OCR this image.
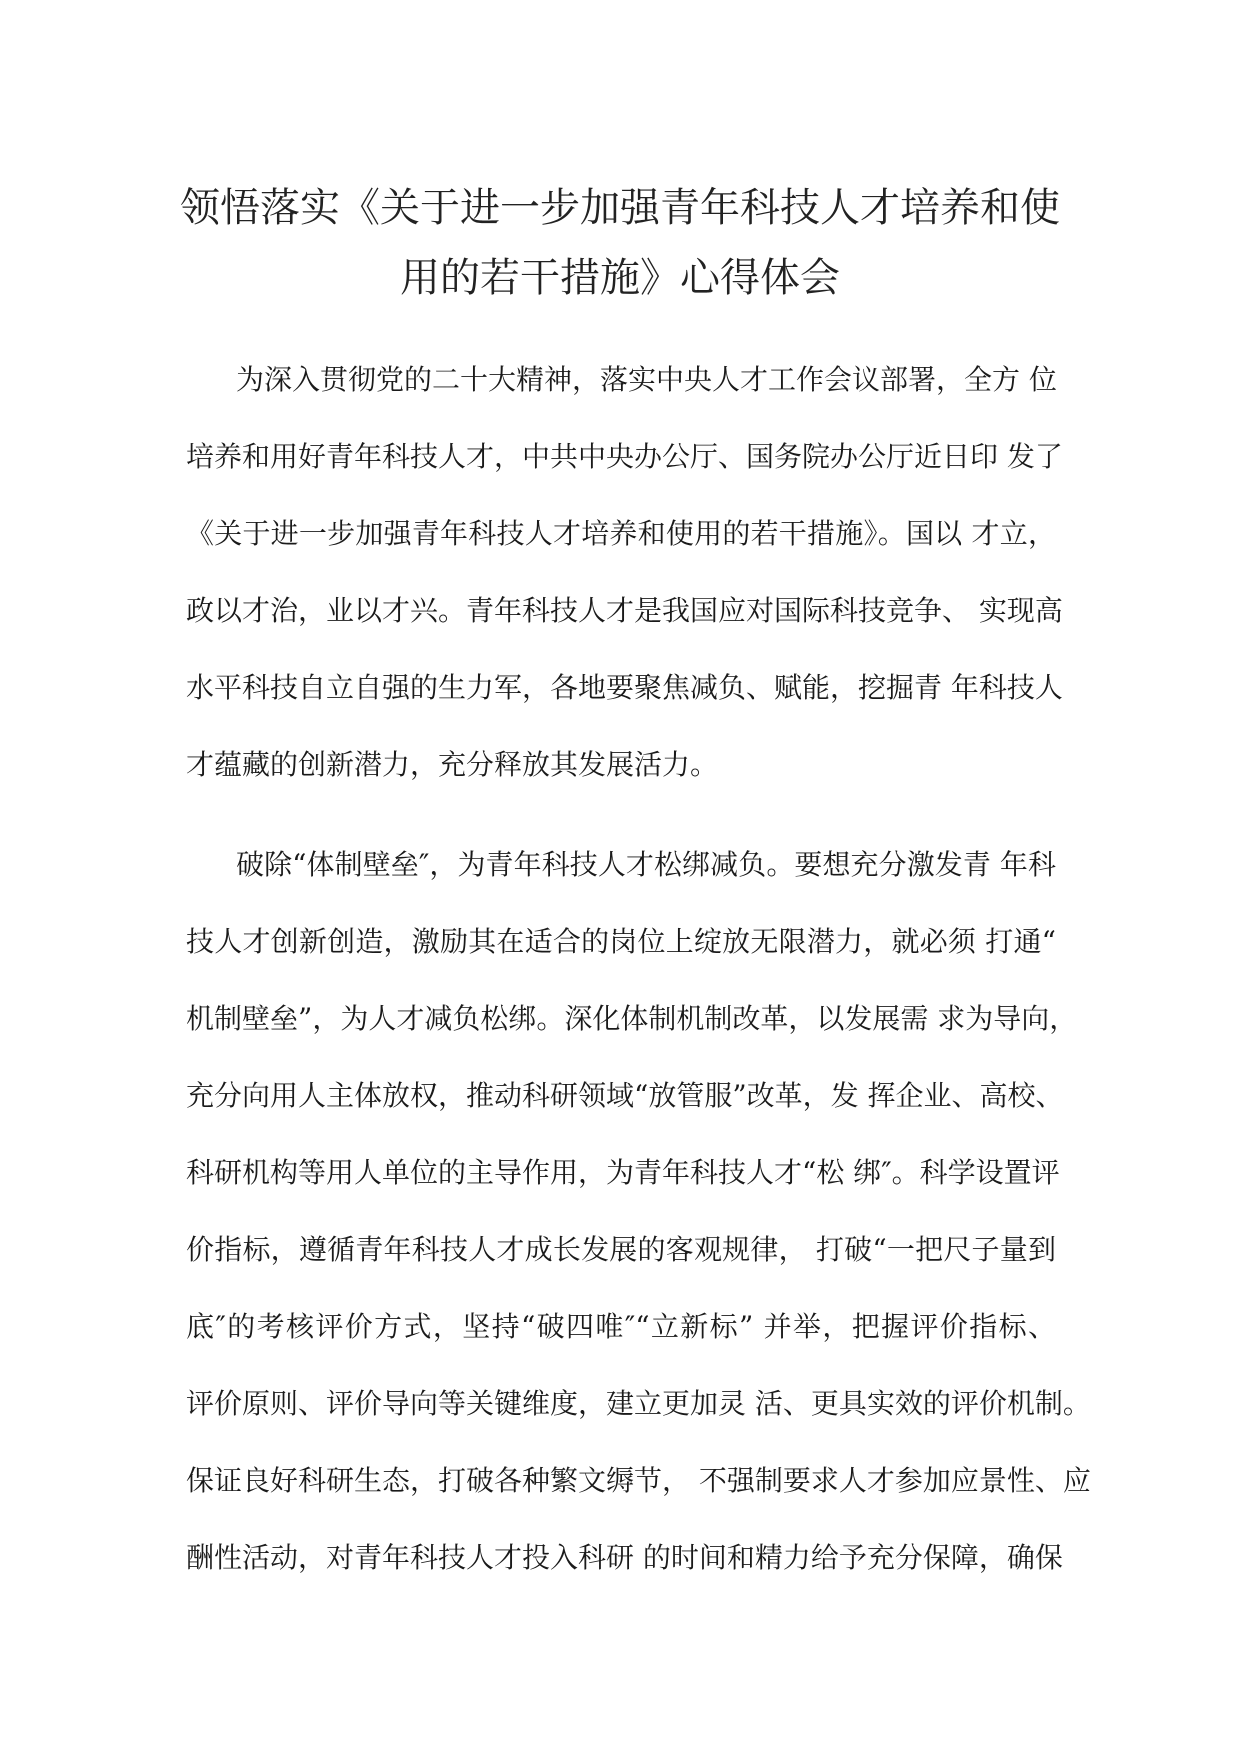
领悟落实《关于进一步加强青年科技人才培养和使
用的若干措施》心得体会
为深入贯彻党的二十大精神，落实中央人才工作会议部署，全方 位
培养和用好青年科技人才，中共中央办公厅、国务院办公厅近日印 发了
《关于进一步加强青年科技人才培养和使用的若干措施》。国以 才立，
政以才治，业以才兴。青年科技人才是我国应对国际科技竞争、 实现高
水平科技自立自强的生力军，各地要聚焦减负、赋能，挖掘青 年科技人
才蕴藏的创新潜力，充分释放其发展活力。
破除“体制壁垒″，为青年科技人才松绑减负。要想充分激发青 年科
技人才创新创造，激励其在适合的岗位上绽放无限潜力，就必须 打通“
机制壁垒”，为人才减负松绑。深化体制机制改革，以发展需 求为导向，
充分向用人主体放权，推动科研领域“放管服”改革，发 挥企业、高校、
科研机构等用人单位的主导作用，为青年科技人才“松 绑″。科学设置评
价指标，遵循青年科技人才成长发展的客观规律， 打破“一把尺子量到
底″的考核评价方式，坚持“破四唯″“立新标” 并举，把握评价指标、
评价原则、评价导向等关键维度，建立更加灵 活、更具实效的评价机制。
保证良好科研生态，打破各种繁文缛节， 不强制要求人才参加应景性、应
酬性活动，对青年科技人才投入科研 的时间和精力给予充分保障，确保
